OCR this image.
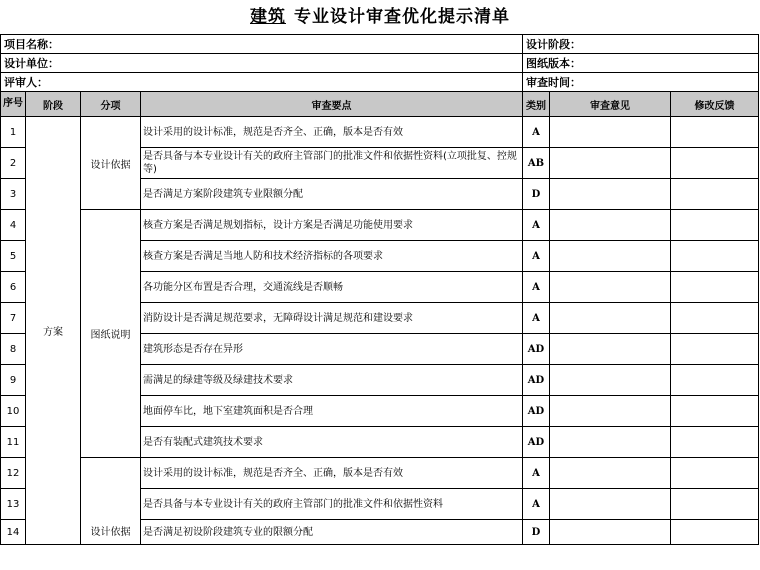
建筑 专业设计审查优化提示清单
项目名称：				设计阶段：		
设计单位：				图纸版本：		
评审人：				审查时间：		
序号	阶段	分项	审查要点	类别	审查意见	修改反馈
1	方案	设计依据	设计采用的设计标准，规范是否齐全、正确，版本是否有效	A		
2			是否具备与本专业设计有关的政府主管部门的批准文件和依据性资料(立项批复、控规等)	AB		
3			是否满足方案阶段建筑专业限额分配	D		
4		图纸说明	核查方案是否满足规划指标，设计方案是否满足功能使用要求	A		
5			核查方案是否满足当地人防和技术经济指标的各项要求	A		
6			各功能分区布置是否合理，交通流线是否顺畅	A		
7			消防设计是否满足规范要求，无障碍设计满足规范和建设要求	A		
8			建筑形态是否存在异形	AD		
9			需满足的绿建等级及绿建技术要求	AD		
10			地面停车比，地下室建筑面积是否合理	AD		
11			是否有装配式建筑技术要求	AD		
12		设计依据	设计采用的设计标准，规范是否齐全、正确，版本是否有效	A		
13			是否具备与本专业设计有关的政府主管部门的批准文件和依据性资料	A		
14			是否满足初设阶段建筑专业的限额分配	D		
